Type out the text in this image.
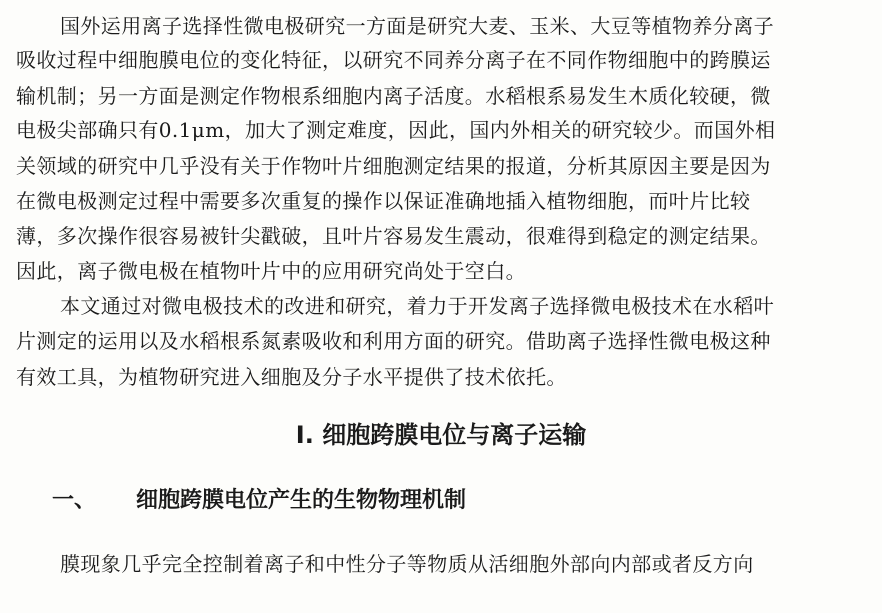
国外运用离子选择性微电极研究一方面是研究大麦、玉米、大豆等植物养分离子
吸收过程中细胞膜电位的变化特征，以研究不同养分离子在不同作物细胞中的跨膜运
输机制；另一方面是测定作物根系细胞内离子活度。水稻根系易发生木质化较硬，微
电极尖部确只有0.1μm，加大了测定难度，因此，国内外相关的研究较少。而国外相
关领域的研究中几乎没有关于作物叶片细胞测定结果的报道，分析其原因主要是因为
在微电极测定过程中需要多次重复的操作以保证准确地插入植物细胞，而叶片比较
薄，多次操作很容易被针尖戳破，且叶片容易发生震动，很难得到稳定的测定结果。
因此，离子微电极在植物叶片中的应用研究尚处于空白。
本文通过对微电极技术的改进和研究，着力于开发离子选择微电极技术在水稻叶
片测定的运用以及水稻根系氮素吸收和利用方面的研究。借助离子选择性微电极这种
有效工具，为植物研究进入细胞及分子水平提供了技术依托。
Ⅰ. 细胞跨膜电位与离子运输
一、 细胞跨膜电位产生的生物物理机制
膜现象几乎完全控制着离子和中性分子等物质从活细胞外部向内部或者反方向
